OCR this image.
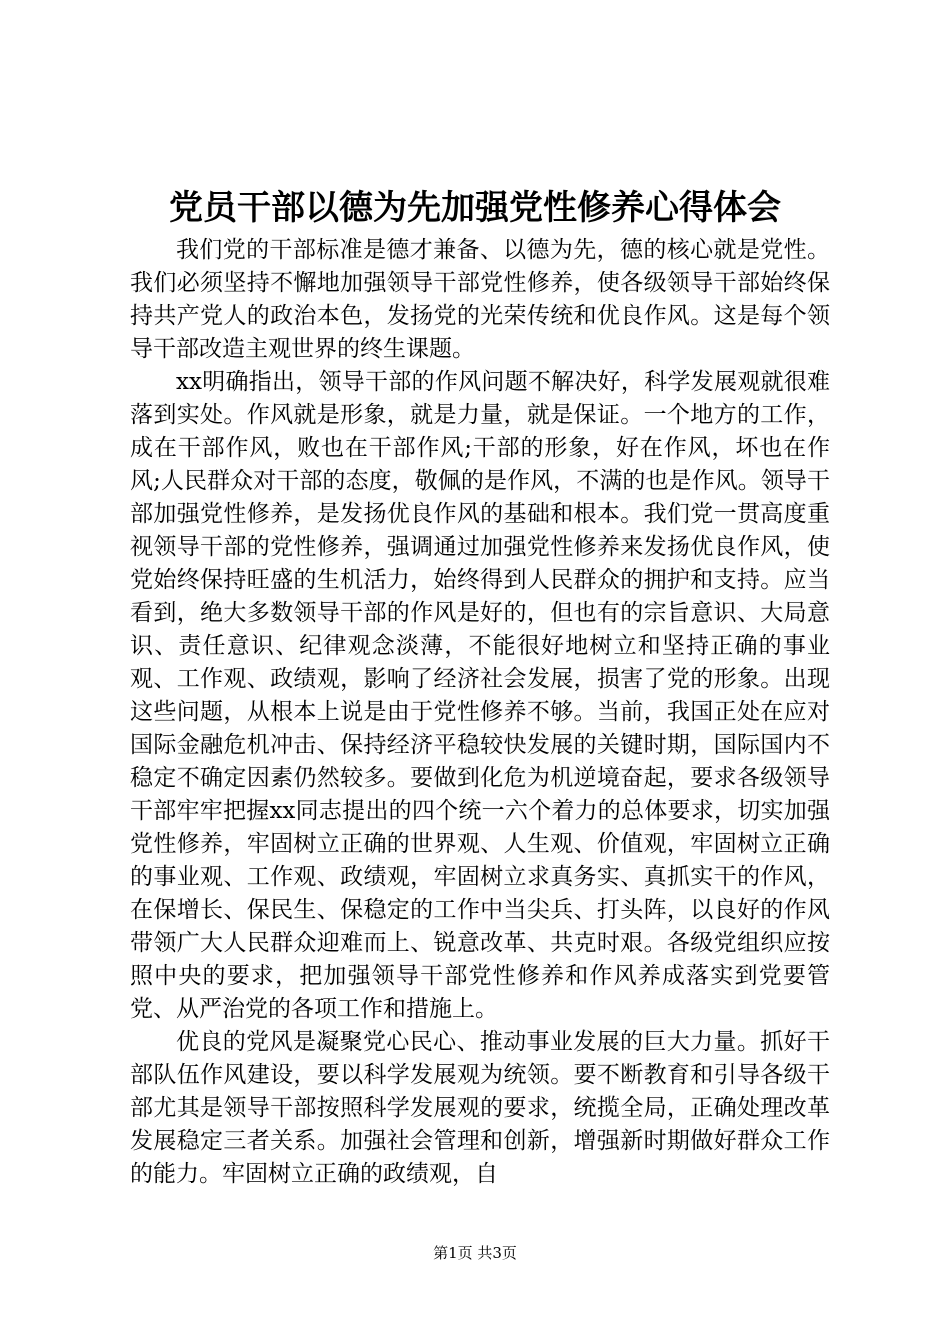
党员干部以德为先加强党性修养心得体会

我们党的干部标准是德才兼备、以德为先，德的核心就是党性。我们必须坚持不懈地加强领导干部党性修养，使各级领导干部始终保持共产党人的政治本色，发扬党的光荣传统和优良作风。这是每个领导干部改造主观世界的终生课题。

xx明确指出，领导干部的作风问题不解决好，科学发展观就很难落到实处。作风就是形象，就是力量，就是保证。一个地方的工作，成在干部作风，败也在干部作风;干部的形象，好在作风，坏也在作风;人民群众对干部的态度，敬佩的是作风，不满的也是作风。领导干部加强党性修养，是发扬优良作风的基础和根本。我们党一贯高度重视领导干部的党性修养，强调通过加强党性修养来发扬优良作风，使党始终保持旺盛的生机活力，始终得到人民群众的拥护和支持。应当看到，绝大多数领导干部的作风是好的，但也有的宗旨意识、大局意识、责任意识、纪律观念淡薄，不能很好地树立和坚持正确的事业观、工作观、政绩观，影响了经济社会发展，损害了党的形象。出现这些问题，从根本上说是由于党性修养不够。当前，我国正处在应对国际金融危机冲击、保持经济平稳较快发展的关键时期，国际国内不稳定不确定因素仍然较多。要做到化危为机逆境奋起，要求各级领导干部牢牢把握xx同志提出的四个统一六个着力的总体要求，切实加强党性修养，牢固树立正确的世界观、人生观、价值观，牢固树立正确的事业观、工作观、政绩观，牢固树立求真务实、真抓实干的作风，在保增长、保民生、保稳定的工作中当尖兵、打头阵，以良好的作风带领广大人民群众迎难而上、锐意改革、共克时艰。各级党组织应按照中央的要求，把加强领导干部党性修养和作风养成落实到党要管党、从严治党的各项工作和措施上。

优良的党风是凝聚党心民心、推动事业发展的巨大力量。抓好干部队伍作风建设，要以科学发展观为统领。要不断教育和引导各级干部尤其是领导干部按照科学发展观的要求，统揽全局，正确处理改革发展稳定三者关系。加强社会管理和创新，增强新时期做好群众工作的能力。牢固树立正确的政绩观，自

第1页 共3页
